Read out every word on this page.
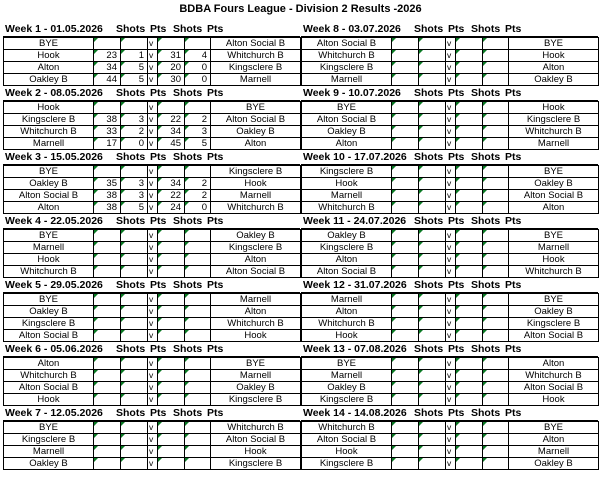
BDBA Fours League - Division 2 Results -2026
Week 1 - 01.05.2026 Shots Pts Shots Pts
BYE			v			Alton Social B
Hook	23	1	v	31	4	Whitchurch B
Alton	34	5	v	20	0	Kingsclere B
Oakley B	44	5	v	30	0	Marnell
Week 2 - 08.05.2026 Shots Pts Shots Pts
Hook			v			BYE
Kingsclere B	38	3	v	22	2	Alton Social B
Whitchurch B	33	2	v	34	3	Oakley B
Marnell	17	0	v	45	5	Alton
Week 3 - 15.05.2026 Shots Pts Shots Pts
BYE			v			Kingsclere B
Oakley B	35	3	v	34	2	Hook
Alton Social B	38	3	v	22	2	Marnell
Alton	38	5	v	24	0	Whitchurch B
Week 4 - 22.05.2026 Shots Pts Shots Pts
BYE			v			Oakley B
Marnell			v			Kingsclere B
Hook			v			Alton
Whitchurch B			v			Alton Social B
Week 5 - 29.05.2026 Shots Pts Shots Pts
BYE			v			Marnell
Oakley B			v			Alton
Kingsclere B			v			Whitchurch B
Alton Social B			v			Hook
Week 6 - 05.06.2026 Shots Pts Shots Pts
Alton			v			BYE
Whitchurch B			v			Marnell
Alton Social B			v			Oakley B
Hook			v			Kingsclere B
Week 7 - 12.05.2026 Shots Pts Shots Pts
BYE			v			Whitchurch B
Kingsclere B			v			Alton Social B
Marnell			v			Hook
Oakley B			v			Kingsclere B
Week 8 - 03.07.2026 Shots Pts Shots Pts
Alton Social B			v			BYE
Whitchurch B			v			Hook
Kingsclere B			v			Alton
Marnell			v			Oakley B
Week 9 - 10.07.2026 Shots Pts Shots Pts
BYE			v			Hook
Alton Social B			v			Kingsclere B
Oakley B			v			Whitchurch B
Alton			v			Marnell
Week 10 - 17.07.2026 Shots Pts Shots Pts
Kingsclere B			v			BYE
Hook			v			Oakley B
Marnell			v			Alton Social B
Whitchurch B			v			Alton
Week 11 - 24.07.2026 Shots Pts Shots Pts
Oakley B			v			BYE
Kingsclere B			v			Marnell
Alton			v			Hook
Alton Social B			v			Whitchurch B
Week 12 - 31.07.2026 Shots Pts Shots Pts
Marnell			v			BYE
Alton			v			Oakley B
Whitchurch B			v			Kingsclere B
Hook			v			Alton Social B
Week 13 - 07.08.2026 Shots Pts Shots Pts
BYE			v			Alton
Marnell			v			Whitchurch B
Oakley B			v			Alton Social B
Kingsclere B			v			Hook
Week 14 - 14.08.2026 Shots Pts Shots Pts
Whitchurch B			v			BYE
Alton Social B			v			Alton
Hook			v			Marnell
Kingsclere B			v			Oakley B
